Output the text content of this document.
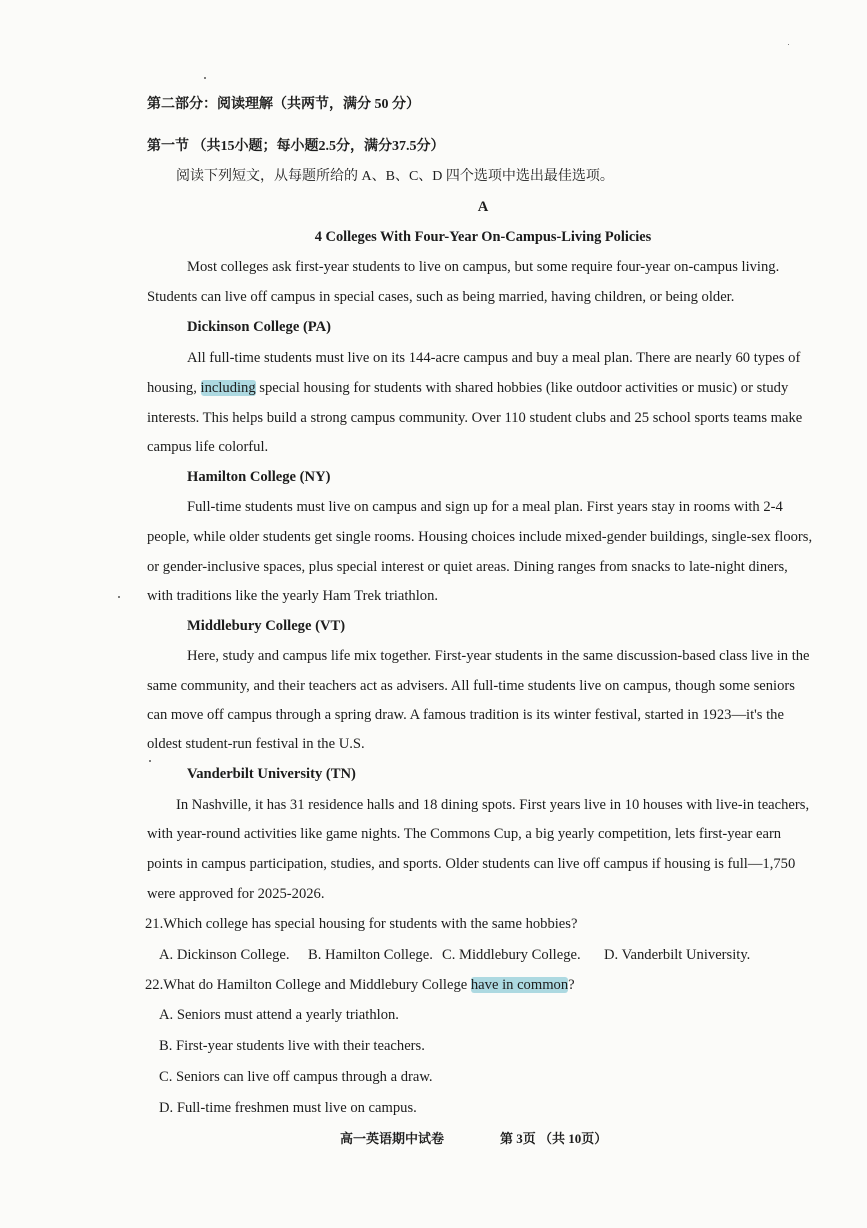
第二部分：阅读理解（共两节，满分 50 分）
第一节 （共15小题；每小题2.5分，满分37.5分）
阅读下列短文，从每题所给的 A、B、C、D 四个选项中选出最佳选项。
A
4 Colleges With Four-Year On-Campus-Living Policies
Most colleges ask first-year students to live on campus, but some require four-year on-campus living.
Students can live off campus in special cases, such as being married, having children, or being older.
Dickinson College (PA)
All full-time students must live on its 144-acre campus and buy a meal plan. There are nearly 60 types of
housing, including special housing for students with shared hobbies (like outdoor activities or music) or study
interests. This helps build a strong campus community. Over 110 student clubs and 25 school sports teams make
campus life colorful.
Hamilton College (NY)
Full-time students must live on campus and sign up for a meal plan. First years stay in rooms with 2-4
people, while older students get single rooms. Housing choices include mixed-gender buildings, single-sex floors,
or gender-inclusive spaces, plus special interest or quiet areas. Dining ranges from snacks to late-night diners,
with traditions like the yearly Ham Trek triathlon.
Middlebury College (VT)
Here, study and campus life mix together. First-year students in the same discussion-based class live in the
same community, and their teachers act as advisers. All full-time students live on campus, though some seniors
can move off campus through a spring draw. A famous tradition is its winter festival, started in 1923—it's the
oldest student-run festival in the U.S.
Vanderbilt University (TN)
In Nashville, it has 31 residence halls and 18 dining spots. First years live in 10 houses with live-in teachers,
with year-round activities like game nights. The Commons Cup, a big yearly competition, lets first-year earn
points in campus participation, studies, and sports. Older students can live off campus if housing is full—1,750
were approved for 2025-2026.
21.Which college has special housing for students with the same hobbies?
A. Dickinson College. B. Hamilton College. C. Middlebury College. D. Vanderbilt University.
22.What do Hamilton College and Middlebury College have in common?
A. Seniors must attend a yearly triathlon.
B. First-year students live with their teachers.
C. Seniors can live off campus through a draw.
D. Full-time freshmen must live on campus.
高一英语期中试卷	第 3页 （共 10页）
